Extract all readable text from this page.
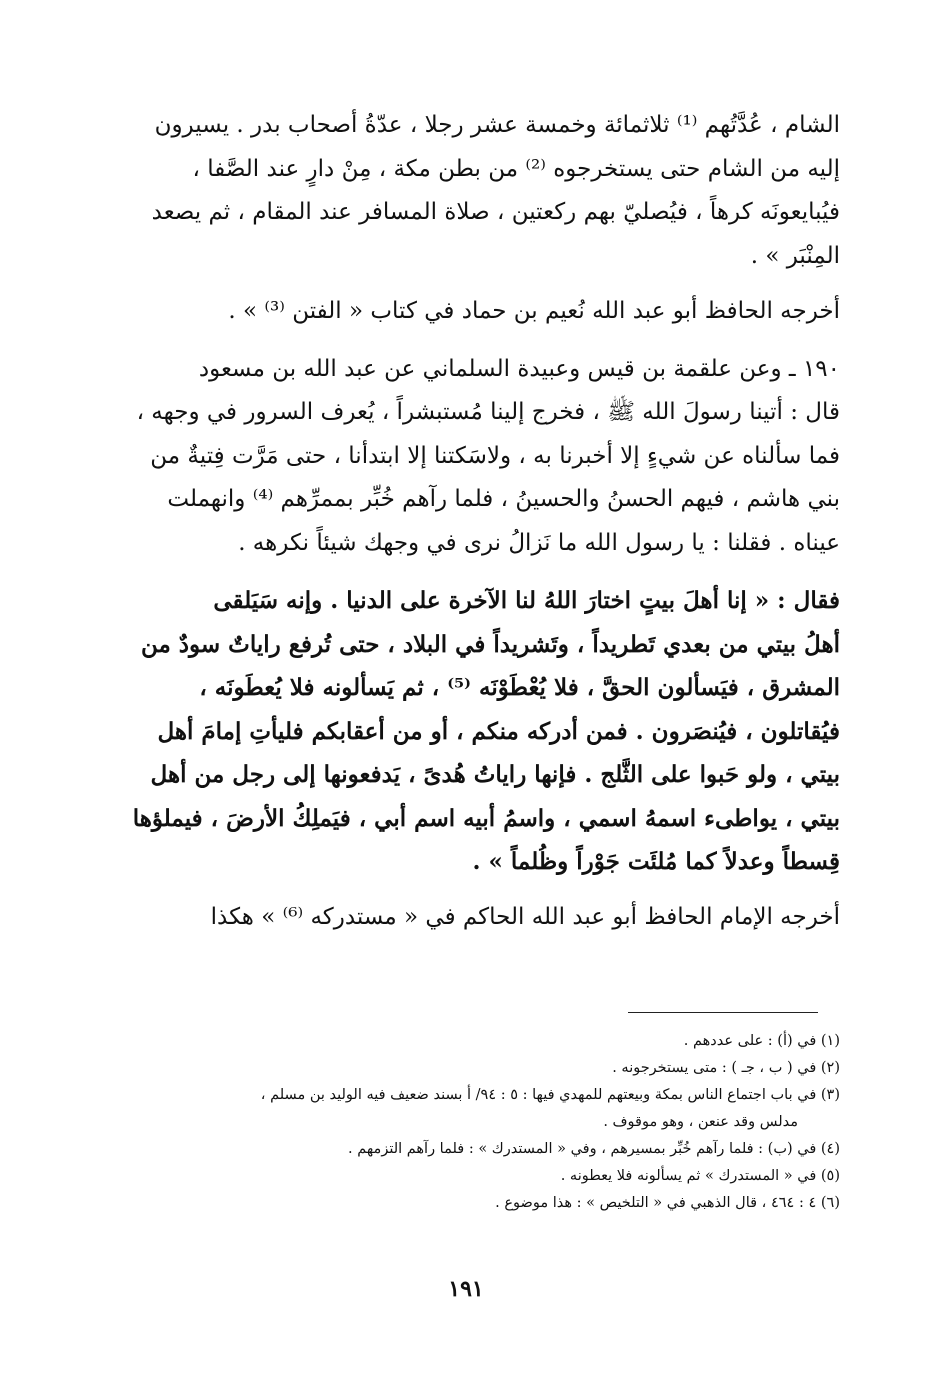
الشام ، عُدَّتُهم ⁽¹⁾ ثلاثمائة وخمسة عشر رجلا ، عدّةُ أصحاب بدر . يسيرون
إليه من الشام حتى يستخرجوه ⁽²⁾ من بطن مكة ، مِنْ دارٍ عند الصَّفا ،
فيُبايعونَه كرهاً ، فيُصليّ بهم ركعتين ، صلاة المسافر عند المقام ، ثم يصعد
المِنْبَر » .

أخرجه الحافظ أبو عبد الله نُعيم بن حماد في كتاب « الفتن ⁽³⁾ » .

١٩٠ ـ وعن علقمة بن قيس وعبيدة السلماني عن عبد الله بن مسعود
قال : أتينا رسولَ الله ﷺ ، فخرج إلينا مُستبشراً ، يُعرف السرور في وجهه ،
فما سألناه عن شيءٍ إلا أخبرنا به ، ولاسَكتنا إلا ابتدأنا ، حتى مَرَّت فِتيةٌ من
بني هاشم ، فيهم الحسنُ والحسينُ ، فلما رآهم خُبِّر بممرِّهم ⁽⁴⁾ وانهملت
عيناه . فقلنا : يا رسول الله ما نَزالُ نرى في وجهك شيئاً نكرهه .

فقال : « إنا أهلَ بيتٍ اختارَ اللهُ لنا الآخرة على الدنيا . وإنه سَيَلقى
أهلُ بيتي من بعدي تَطريداً ، وتَشريداً في البلاد ، حتى تُرفع راياتٌ سودٌ من
المشرق ، فيَسألون الحقَّ ، فلا يُعْطَوْنَه ⁽⁵⁾ ، ثم يَسألونه فلا يُعطَونَه ،
فيُقاتلون ، فيُنصَرون . فمن أدركه منكم ، أو من أعقابكم فليأتِ إمامَ أهل
بيتي ، ولو حَبوا على الثَّلج . فإنها راياتُ هُدىً ، يَدفعونها إلى رجل من أهل
بيتي ، يواطىء اسمهُ اسمي ، واسمُ أبيه اسم أبي ، فيَملِكُ الأرضَ ، فيملؤها
قِسطاً وعدلاً كما مُلئَت جَوْراً وظُلماً » .

أخرجه الإمام الحافظ أبو عبد الله الحاكم في « مستدركه ⁽⁶⁾ » هكذا

(١) في (أ) : على عددهم .
(٢) في ( ب ، جـ ) : متى يستخرجونه .
(٣) في باب اجتماع الناس بمكة وبيعتهم للمهدي فيها : ٥ : ٩٤/ أ بسند ضعيف فيه الوليد بن مسلم ،
مدلس وقد عنعن ، وهو موقوف .
(٤) في (ب) : فلما رآهم خُبِّر بمسيرهم ، وفي « المستدرك » : فلما رآهم التزمهم .
(٥) في « المستدرك » ثم يسألونه فلا يعطونه .
(٦) ٤ : ٤٦٤ ، قال الذهبي في « التلخيص » : هذا موضوع .
١٩١
